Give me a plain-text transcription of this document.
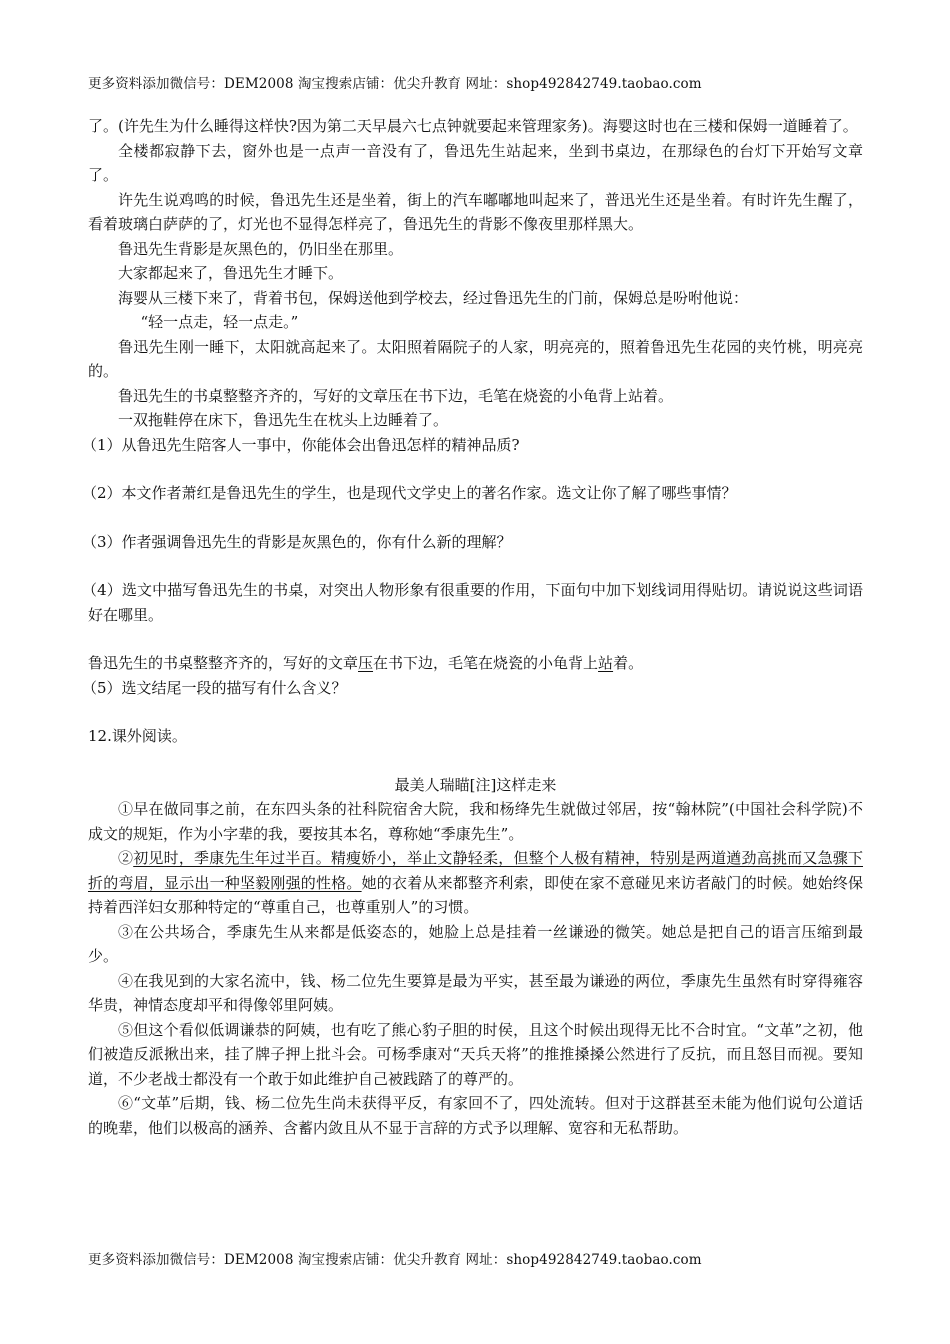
更多资料添加微信号：DEM2008 淘宝搜索店铺：优尖升教育 网址：shop492842749.taobao.com

了。(许先生为什么睡得这样快?因为第二天早晨六七点钟就要起来管理家务)。海婴这时也在三楼和保姆一道睡着了。

全楼都寂静下去，窗外也是一点声一音没有了，鲁迅先生站起来，坐到书桌边，在那绿色的台灯下开始写文章了。

许先生说鸡鸣的时候，鲁迅先生还是坐着，街上的汽车嘟嘟地叫起来了，普迅光生还是坐着。有时许先生醒了，看着玻璃白萨萨的了，灯光也不显得怎样亮了，鲁迅先生的背影不像夜里那样黑大。

鲁迅先生背影是灰黑色的，仍旧坐在那里。

大家都起来了，鲁迅先生才睡下。

海婴从三楼下来了，背着书包，保姆送他到学校去，经过鲁迅先生的门前，保姆总是吩咐他说：

“轻一点走，轻一点走。”

鲁迅先生刚一睡下，太阳就高起来了。太阳照着隔院子的人家，明亮亮的，照着鲁迅先生花园的夹竹桃，明亮亮的。

鲁迅先生的书桌整整齐齐的，写好的文章压在书下边，毛笔在烧瓷的小龟背上站着。

一双拖鞋停在床下，鲁迅先生在枕头上边睡着了。

（1）从鲁迅先生陪客人一事中，你能体会出鲁迅怎样的精神品质?

（2）本文作者萧红是鲁迅先生的学生，也是现代文学史上的著名作家。选文让你了解了哪些事情？

（3）作者强调鲁迅先生的背影是灰黑色的，你有什么新的理解？

（4）选文中描写鲁迅先生的书桌，对突出人物形象有很重要的作用，下面句中加下划线词用得贴切。请说说这些词语好在哪里。

鲁迅先生的书桌整整齐齐的，写好的文章压在书下边，毛笔在烧瓷的小龟背上站着。

（5）选文结尾一段的描写有什么含义？

12.课外阅读。

最美人瑞瞄[注]这样走来

①早在做同事之前，在东四头条的社科院宿舍大院，我和杨绛先生就做过邻居，按“翰林院”(中国社会科学院)不成文的规矩，作为小字辈的我，要按其本名，尊称她“季康先生”。

②初见时，季康先生年过半百。精瘦娇小，举止文静轻柔，但整个人极有精神，特别是两道遒劲高挑而又急骤下折的弯眉，显示出一种坚毅刚强的性格。她的衣着从来都整齐利索，即使在家不意碰见来访者敲门的时候。她始终保持着西洋妇女那种特定的“尊重自己，也尊重别人”的习惯。

③在公共场合，季康先生从来都是低姿态的，她脸上总是挂着一丝谦逊的微笑。她总是把自己的语言压缩到最少。

④在我见到的大家名流中，钱、杨二位先生要算是最为平实，甚至最为谦逊的两位，季康先生虽然有时穿得雍容华贵，神情态度却平和得像邻里阿姨。

⑤但这个看似低调谦恭的阿姨，也有吃了熊心豹子胆的时侯，且这个时候出现得无比不合时宜。“文革”之初，他们被造反派揪出来，挂了牌子押上批斗会。可杨季康对“天兵天将”的推推搡搡公然进行了反抗，而且怒目而视。要知道，不少老战士都没有一个敢于如此维护自己被践踏了的尊严的。

⑥“文革”后期，钱、杨二位先生尚未获得平反，有家回不了，四处流转。但对于这群甚至未能为他们说句公道话的晚辈，他们以极高的涵养、含蓄内敛且从不显于言辞的方式予以理解、宽容和无私帮助。

更多资料添加微信号：DEM2008 淘宝搜索店铺：优尖升教育 网址：shop492842749.taobao.com
